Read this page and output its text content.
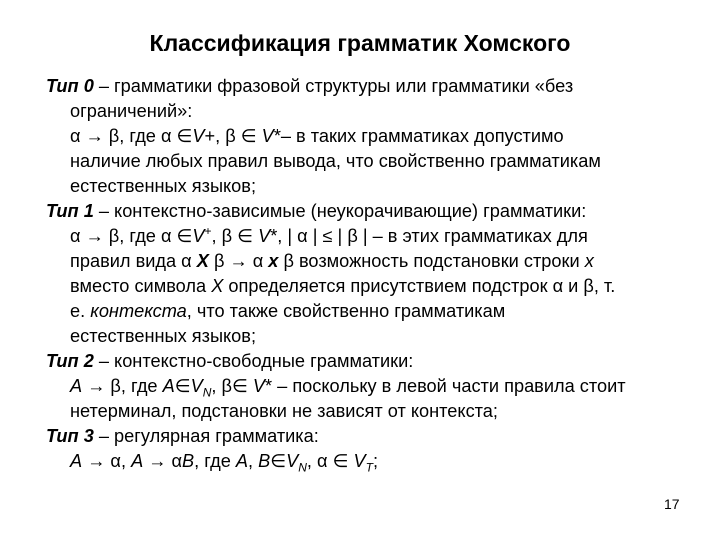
Классификация грамматик Хомского
Тип 0 – грамматики фразовой структуры или грамматики «без
ограничений»:
α → β, где α ∈V+, β ∈ V*– в таких грамматиках допустимо
наличие любых правил вывода, что свойственно грамматикам
естественных языков;
Тип 1 – контекстно-зависимые (неукорачивающие) грамматики:
α → β, где α ∈V+, β ∈ V*, | α | ≤ | β | – в этих грамматиках для
правил вида α X β → α x β возможность подстановки строки x
вместо символа X определяется присутствием подстрок α и β, т.
е. контекста, что также свойственно грамматикам
естественных языков;
Тип 2 – контекстно-свободные грамматики:
A → β, где $A\in V_N$, β∈ V* – поскольку в левой части правила стоит
нетерминал, подстановки не зависят от контекста;
Тип 3 – регулярная грамматика:
A → α, A → αB, где A, $B\in V_N$, α ∈ $V_T$;
17
